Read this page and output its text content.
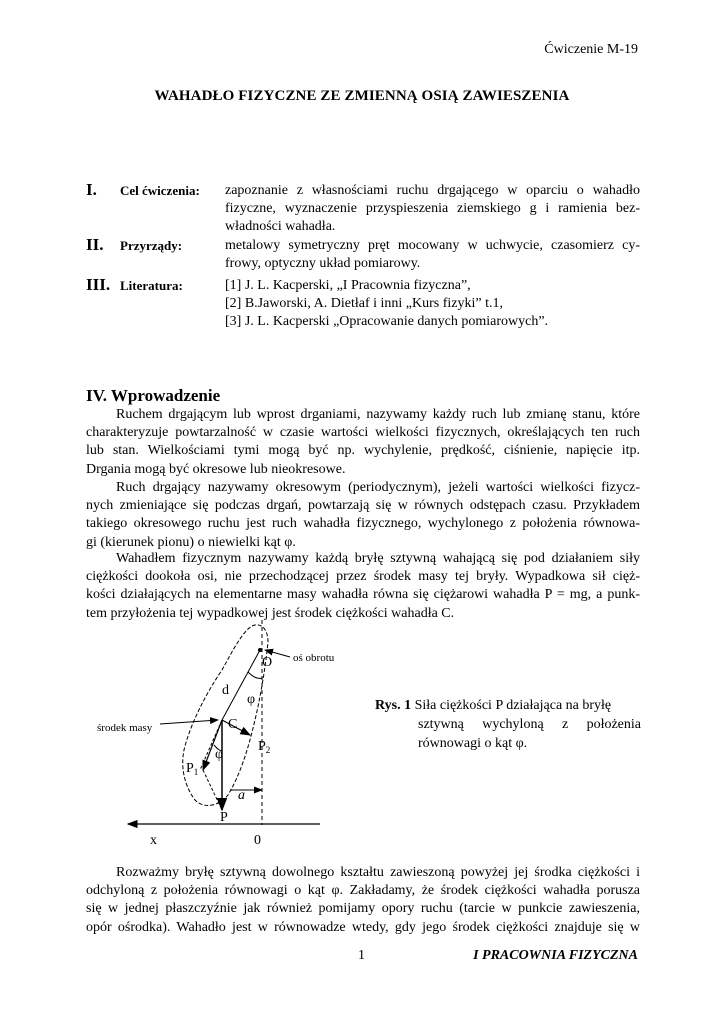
Ćwiczenie M-19
WAHADŁO FIZYCZNE ZE ZMIENNĄ OSIĄ ZAWIESZENIA
I. Cel ćwiczenia: zapoznanie z własnościami ruchu drgającego w oparciu o wahadło
fizyczne, wyznaczenie przyspieszenia ziemskiego g i ramienia bez-
władności wahadła.
II. Przyrządy:	metalowy symetryczny pręt mocowany w uchwycie, czasomierz cy-
frowy, optyczny układ pomiarowy.
III. Literatura:	[1] J. L. Kacperski, „I Pracownia fizyczna”,
[2] B.Jaworski, A. Dietłaf i inni „Kurs fizyki” t.1,
[3] J. L. Kacperski „Opracowanie danych pomiarowych”.
IV. Wprowadzenie
Ruchem drgającym lub wprost drganiami, nazywamy każdy ruch lub zmianę stanu, które
charakteryzuje powtarzalność w czasie wartości wielkości fizycznych, określających ten ruch
lub stan. Wielkościami tymi mogą być np. wychylenie, prędkość, ciśnienie, napięcie itp.
Drgania mogą być okresowe lub nieokresowe.
Ruch drgający nazywamy okresowym (periodycznym), jeżeli wartości wielkości fizycz-
nych zmieniające się podczas drgań, powtarzają się w równych odstępach czasu. Przykładem
takiego okresowego ruchu jest ruch wahadła fizycznego, wychylonego z położenia równowa-
gi (kierunek pionu) o niewielki kąt φ.
Wahadłem fizycznym nazywamy każdą bryłę sztywną wahającą się pod działaniem siły
ciężkości dookoła osi, nie przechodzącej przez środek masy tej bryły. Wypadkowa sił cięż-
kości działających na elementarne masy wahadła równa się ciężarowi wahadła P = mg, a punk-
tem przyłożenia tej wypadkowej jest środek ciężkości wahadła C.
O oś obrotu
d
φ
środek masy	C
$P_2$
φ
$P_1$
a
P
x	0
Rys. 1 Siła ciężkości P działająca na bryłę
sztywną wychyloną z położenia
równowagi o kąt φ.
Rozważmy bryłę sztywną dowolnego kształtu zawieszoną powyżej jej środka ciężkości i
odchyloną z położenia równowagi o kąt φ. Zakładamy, że środek ciężkości wahadła porusza
się w jednej płaszczyźnie jak również pomijamy opory ruchu (tarcie w punkcie zawieszenia,
opór ośrodka). Wahadło jest w równowadze wtedy, gdy jego środek ciężkości znajduje się w
1	I PRACOWNIA FIZYCZNA
